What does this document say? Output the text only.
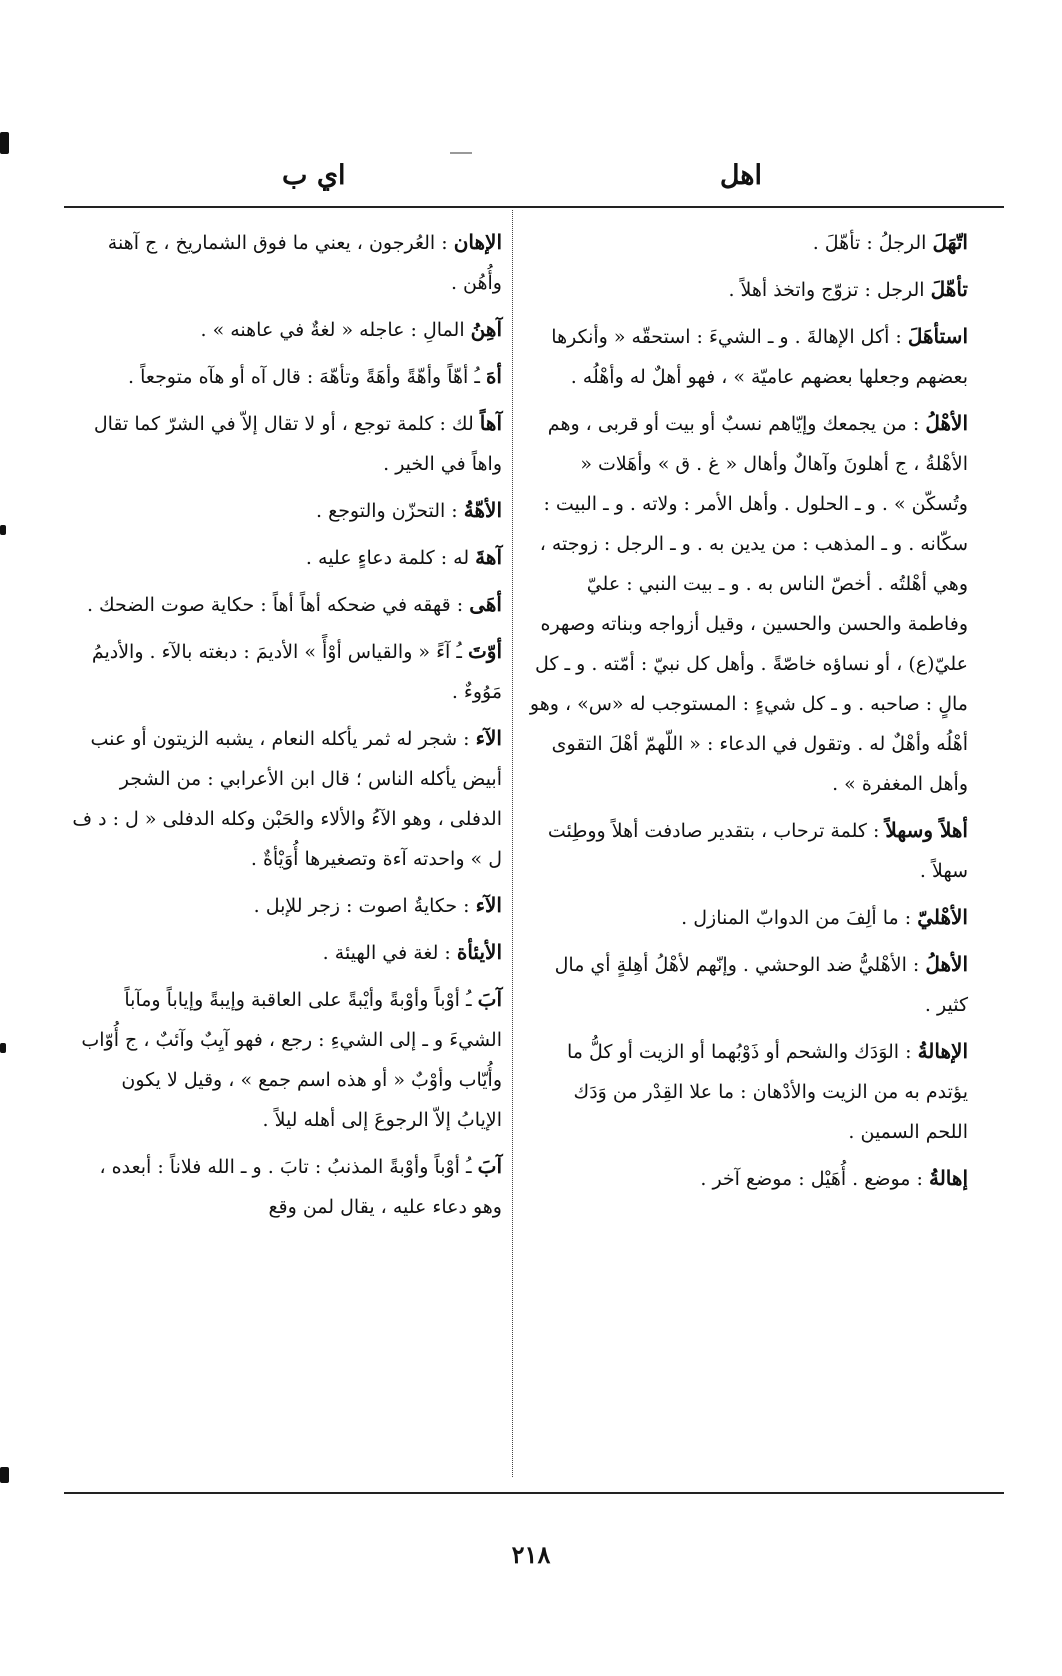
اهل
اي ب
اتّهَلَ الرجلُ : تأهّلَ .
تأهّلَ الرجل : تزوّج واتخذ أهلاً .
استأهَلَ : أكل الإهالةَ . و ـ الشيءَ : استحقّه « وأنكرها بعضهم وجعلها بعضهم عاميّة » ، فهو أهلٌ له وأهْلُه .
الأهْلُ : من يجمعك وإيّاهم نسبٌ أو بيت أو قربى ، وهم الأهْلةُ ، ج أهلونَ وآهالٌ وأهال « غ . ق » وأهَلات « وتُسكّن » . و ـ الحلول . وأهل الأمر : ولاته . و ـ البيت : سكّانه . و ـ المذهب : من يدين به . و ـ الرجل : زوجته ، وهي أهْلتُه . أخصّ الناس به . و ـ بيت النبي : عليّ وفاطمة والحسن والحسين ، وقيل أزواجه وبناته وصهره عليّ(ع) ، أو نساؤه خاصّةً . وأهل كل نبيّ : أمّته . و ـ كل مالٍ : صاحبه . و ـ كل شيءٍ : المستوجب له «س» ، وهو أهْلُه وأهْلٌ له . وتقول في الدعاء : « اللّهمّ أهْلَ التقوى وأهل المغفرة » .
أهلاً وسهلاً : كلمة ترحاب ، بتقدير صادفت أهلاً ووطِئت سهلاً .
الأهْليّ : ما ألِفَ من الدوابّ المنازل .
الأهلُ : الأهْليُّ ضد الوحشي . وإنّهم لأهْلُ أهِلةٍ أي مال كثير .
الإهالةُ : الوَدَك والشحم أو ذَوْبُهما أو الزيت أو كلُّ ما يؤتدم به من الزيت والأدْهان : ما علا القِدْر من وَدَك اللحم السمين .
إهالةُ : موضع . أُهَيْل : موضع آخر .
الإهان : العُرجون ، يعني ما فوق الشماريخ ، ج آهنة وأُهُن .
آهِنُ المالِ : عاجله « لغةٌ في عاهنه » .
أهَ ـُ أهّاً وأهّةً وأهَةً وتأهّهَ : قال آه أو هآه متوجعاً .
آهاً لك : كلمة توجع ، أو لا تقال إلاّ في الشرّ كما تقال واهاً في الخير .
الأهّةُ : التحزّن والتوجع .
آهةَ له : كلمة دعاءٍ عليه .
أهَى : قهقه في ضحكه أهاً أهاً : حكاية صوت الضحك .
أوّتَ ـُ آءً « والقياس أوْأً » الأديمَ : دبغته بالآء . والأديمُ مَوُوءٌ .
الآء : شجر له ثمر يأكله النعام ، يشبه الزيتون أو عنب أبيض يأكله الناس ؛ قال ابن الأعرابي : من الشجر الدفلى ، وهو الآءُ والألاء والحَبْن وكله الدفلى « ل : د ف ل » واحدته آءة وتصغيرها أُوَيْأةٌ .
الآء : حكايةُ اصوت : زجر للإبل .
الأيئأة : لغة في الهيئة .
آبَ ـُ أوْباً وأوْبةً وأيْبةً على العاقبة وإيبةً وإياباً ومآباً الشيءَ و ـ إلى الشيءِ : رجع ، فهو آيِبٌ وآئبٌ ، ج أُوّاب وأُيّاب وأوْبٌ « أو هذه اسم جمع » ، وقيل لا يكون الإيابُ إلاّ الرجوعَ إلى أهله ليلاً .
آبَ ـُ أوْباً وأوْبةً المذنبُ : تابَ . و ـ الله فلاناً : أبعده ، وهو دعاء عليه ، يقال لمن وقع
٢١٨
